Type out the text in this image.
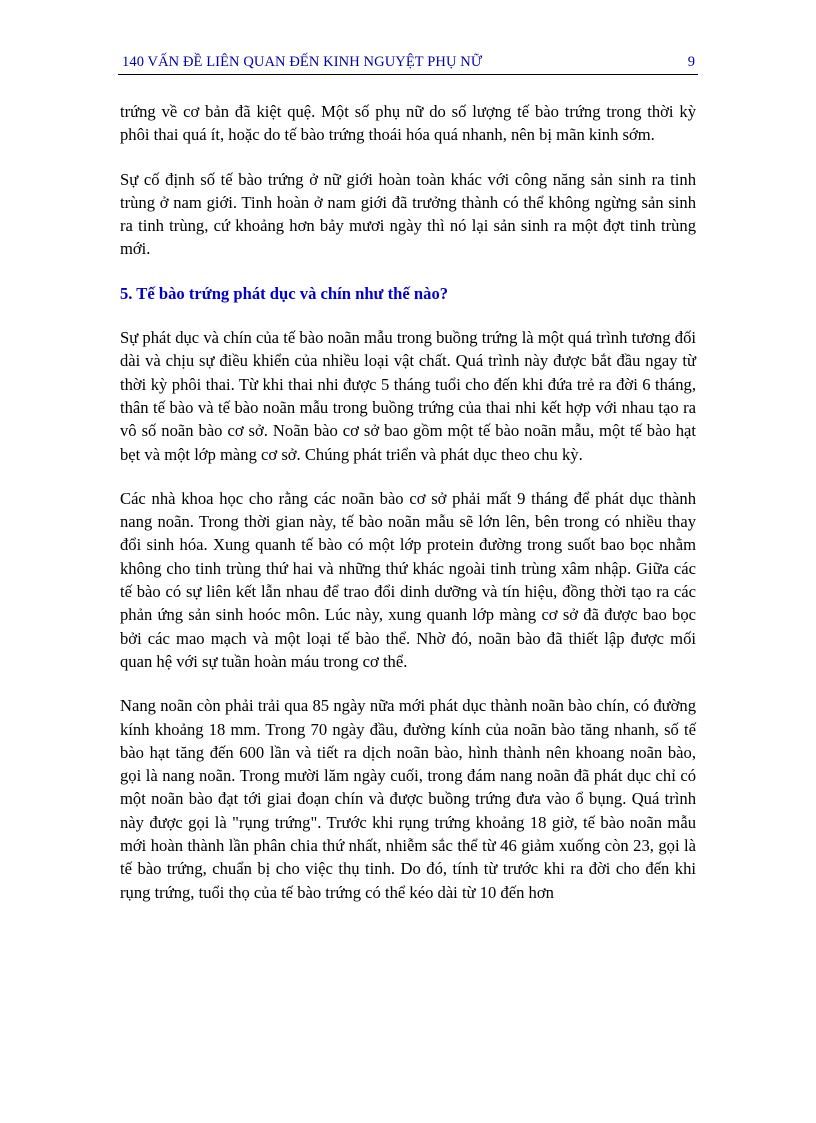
140 VẤN ĐỀ LIÊN QUAN ĐẾN KINH NGUYỆT PHỤ NỮ	9

trứng về cơ bản đã kiệt quệ. Một số phụ nữ do số lượng tế bào trứng trong thời kỳ phôi thai quá ít, hoặc do tế bào trứng thoái hóa quá nhanh, nên bị mãn kinh sớm.

Sự cố định số tế bào trứng ở nữ giới hoàn toàn khác với công năng sản sinh ra tinh trùng ở nam giới. Tinh hoàn ở nam giới đã trưởng thành có thể không ngừng sản sinh ra tinh trùng, cứ khoảng hơn bảy mươi ngày thì nó lại sản sinh ra một đợt tinh trùng mới.

5. Tế bào trứng phát dục và chín như thế nào?

Sự phát dục và chín của tế bào noãn mẫu trong buồng trứng là một quá trình tương đối dài và chịu sự điều khiển của nhiều loại vật chất. Quá trình này được bắt đầu ngay từ thời kỳ phôi thai. Từ khi thai nhi được 5 tháng tuổi cho đến khi đứa trẻ ra đời 6 tháng, thân tế bào và tế bào noãn mẫu trong buồng trứng của thai nhi kết hợp với nhau tạo ra vô số noãn bào cơ sở. Noãn bào cơ sở bao gồm một tế bào noãn mẫu, một tế bào hạt bẹt và một lớp màng cơ sở. Chúng phát triển và phát dục theo chu kỳ.

Các nhà khoa học cho rằng các noãn bào cơ sở phải mất 9 tháng để phát dục thành nang noãn. Trong thời gian này, tế bào noãn mẫu sẽ lớn lên, bên trong có nhiều thay đổi sinh hóa. Xung quanh tế bào có một lớp protein đường trong suốt bao bọc nhằm không cho tinh trùng thứ hai và những thứ khác ngoài tinh trùng xâm nhập. Giữa các tế bào có sự liên kết lẫn nhau để trao đổi dinh dưỡng và tín hiệu, đồng thời tạo ra các phản ứng sản sinh hoóc môn. Lúc này, xung quanh lớp màng cơ sở đã được bao bọc bởi các mao mạch và một loại tế bào thể. Nhờ đó, noãn bào đã thiết lập được mối quan hệ với sự tuần hoàn máu trong cơ thể.

Nang noãn còn phải trải qua 85 ngày nữa mới phát dục thành noãn bào chín, có đường kính khoảng 18 mm. Trong 70 ngày đầu, đường kính của noãn bào tăng nhanh, số tế bào hạt tăng đến 600 lần và tiết ra dịch noãn bào, hình thành nên khoang noãn bào, gọi là nang noãn. Trong mười lăm ngày cuối, trong đám nang noãn đã phát dục chỉ có một noãn bào đạt tới giai đoạn chín và được buồng trứng đưa vào ổ bụng. Quá trình này được gọi là "rụng trứng". Trước khi rụng trứng khoảng 18 giờ, tế bào noãn mẫu mới hoàn thành lần phân chia thứ nhất, nhiễm sắc thể từ 46 giảm xuống còn 23, gọi là tế bào trứng, chuẩn bị cho việc thụ tinh. Do đó, tính từ trước khi ra đời cho đến khi rụng trứng, tuổi thọ của tế bào trứng có thể kéo dài từ 10 đến hơn
